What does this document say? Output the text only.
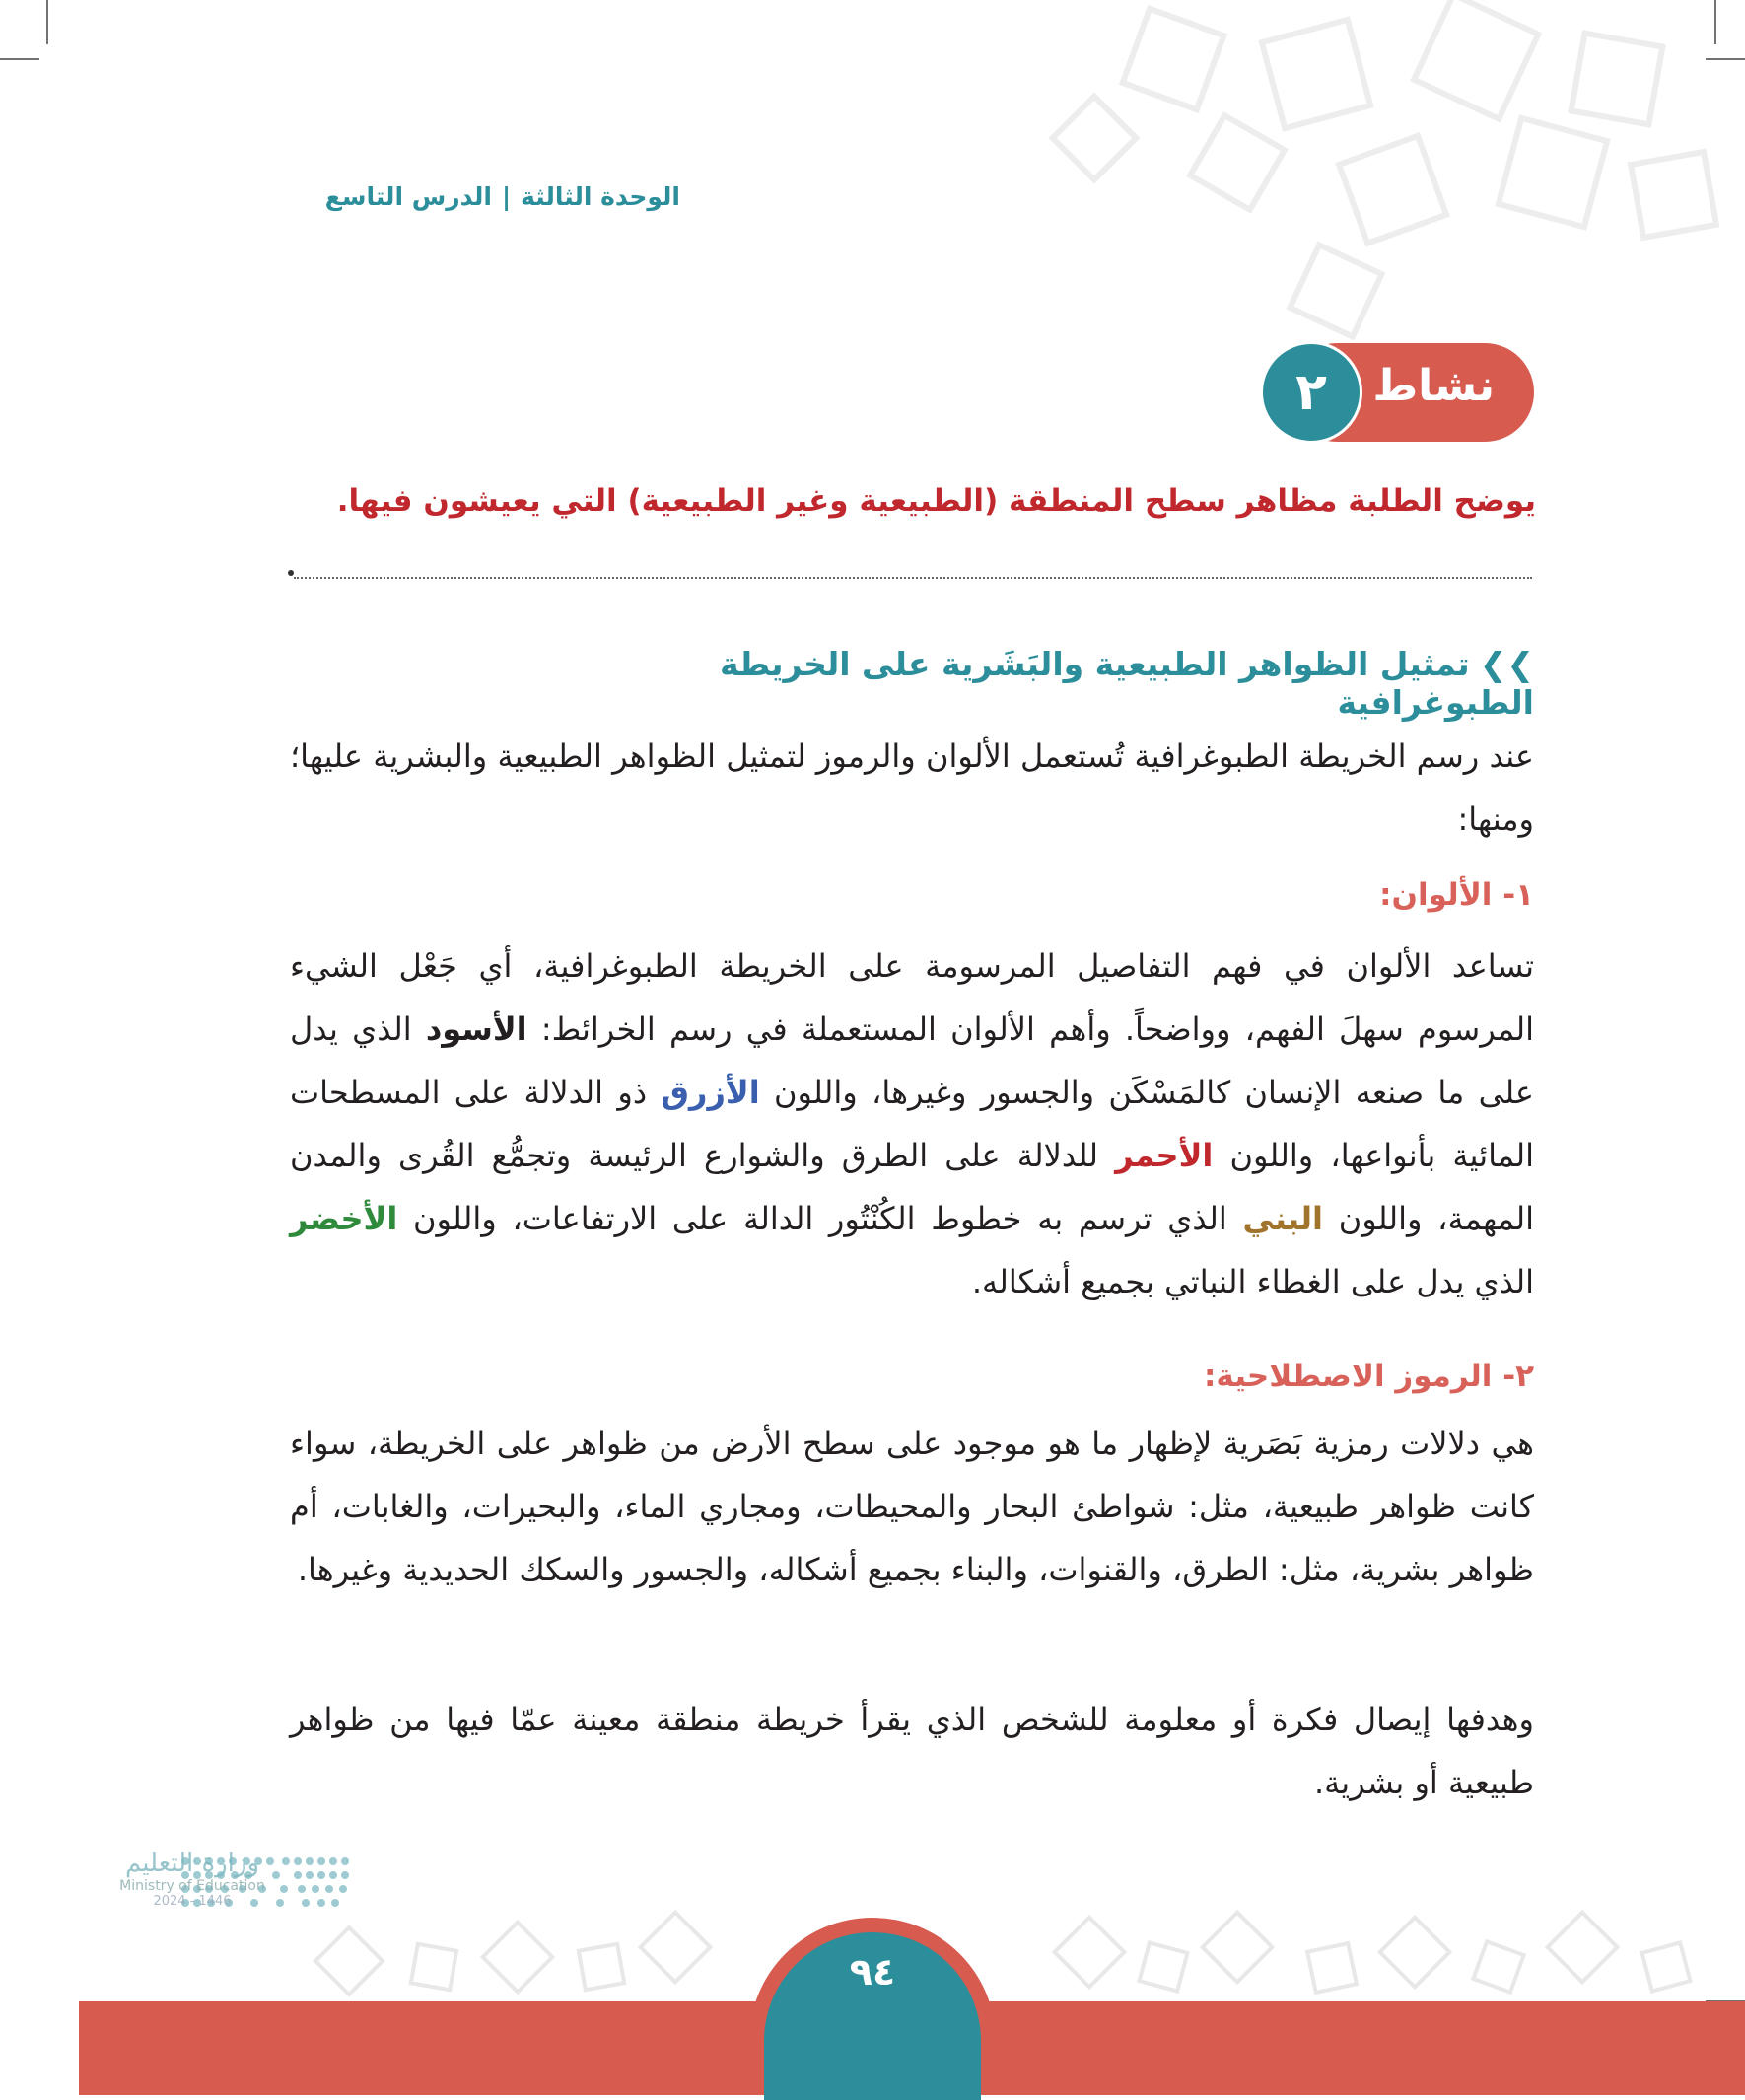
الوحدة الثالثة|الدرس التاسع
نشاط
٢
يوضح الطلبة مظاهر سطح المنطقة (الطبيعية وغير الطبيعية) التي يعيشون فيها.
❯❯تمثيل الظواهر الطبيعية والبَشَرية على الخريطة الطبوغرافية
عند رسم الخريطة الطبوغرافية تُستعمل الألوان والرموز لتمثيل الظواهر الطبيعية والبشرية عليها؛ ومنها:
١- الألوان:
تساعد الألوان في فهم التفاصيل المرسومة على الخريطة الطبوغرافية، أي جَعْل الشيء المرسوم سهلَ الفهم، وواضحاً. وأهم الألوان المستعملة في رسم الخرائط: الأسود الذي يدل على ما صنعه الإنسان كالمَسْكَن والجسور وغيرها، واللون الأزرق ذو الدلالة على المسطحات المائية بأنواعها، واللون الأحمر للدلالة على الطرق والشوارع الرئيسة وتجمُّع القُرى والمدن المهمة، واللون البني الذي ترسم به خطوط الكُنْتُور الدالة على الارتفاعات، واللون الأخضر الذي يدل على الغطاء النباتي بجميع أشكاله.
٢- الرموز الاصطلاحية:
هي دلالات رمزية بَصَرية لإظهار ما هو موجود على سطح الأرض من ظواهر على الخريطة، سواء كانت ظواهر طبيعية، مثل: شواطئ البحار والمحيطات، ومجاري الماء، والبحيرات، والغابات، أم ظواهر بشرية، مثل: الطرق، والقنوات، والبناء بجميع أشكاله، والجسور والسكك الحديدية وغيرها.
وهدفها إيصال فكرة أو معلومة للشخص الذي يقرأ خريطة منطقة معينة عمّا فيها من ظواهر طبيعية أو بشرية.
وزارة التعليم
Ministry of Education
2024 - 1446
٩٤
